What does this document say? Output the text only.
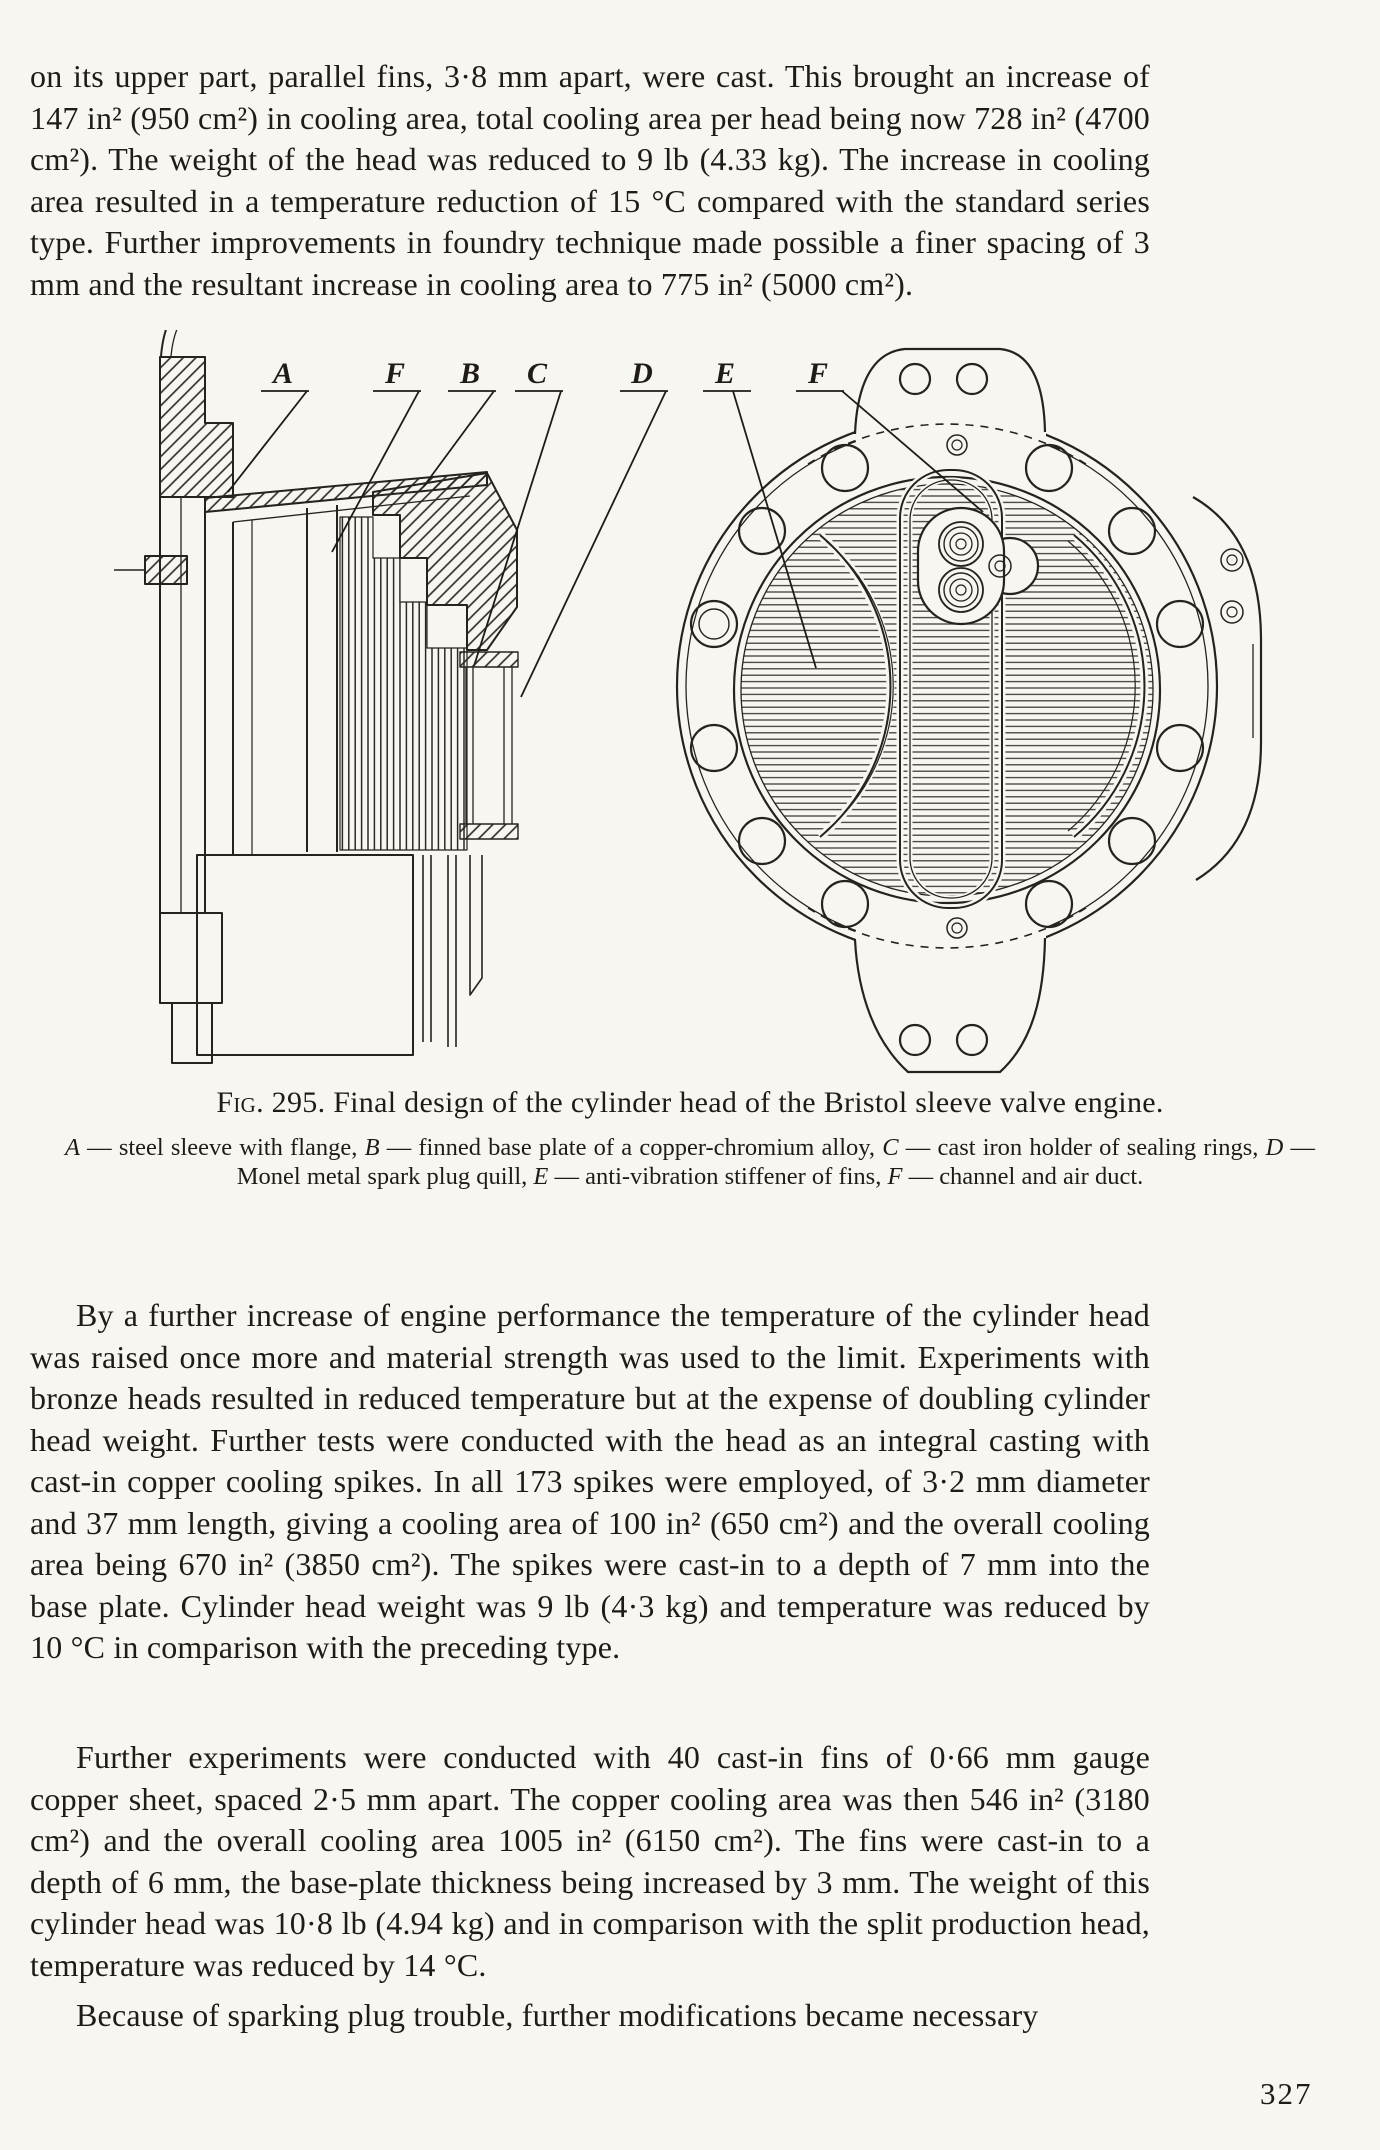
on its upper part, parallel fins, 3·8 mm apart, were cast. This brought an increase of 147 in² (950 cm²) in cooling area, total cooling area per head being now 728 in² (4700 cm²). The weight of the head was reduced to 9 lb (4.33 kg). The increase in cooling area resulted in a temperature reduction of 15 °C compared with the standard series type. Further improvements in foundry technique made possible a finer spacing of 3 mm and the resultant increase in cooling area to 775 in² (5000 cm²).

A	F B C	D E F
Fig. 295. Final design of the cylinder head of the Bristol sleeve valve engine.
A — steel sleeve with flange, B — finned base plate of a copper-chromium alloy, C — cast iron holder of sealing rings, D — Monel metal spark plug quill, E — anti-vibration stiffener of fins, F — channel and air duct.

By a further increase of engine performance the temperature of the cylinder head was raised once more and material strength was used to the limit. Experiments with bronze heads resulted in reduced temperature but at the expense of doubling cylinder head weight. Further tests were conducted with the head as an integral casting with cast-in copper cooling spikes. In all 173 spikes were employed, of 3·2 mm diameter and 37 mm length, giving a cooling area of 100 in² (650 cm²) and the overall cooling area being 670 in² (3850 cm²). The spikes were cast-in to a depth of 7 mm into the base plate. Cylinder head weight was 9 lb (4·3 kg) and temperature was reduced by 10 °C in comparison with the preceding type.

Further experiments were conducted with 40 cast-in fins of 0·66 mm gauge copper sheet, spaced 2·5 mm apart. The copper cooling area was then 546 in² (3180 cm²) and the overall cooling area 1005 in² (6150 cm²). The fins were cast-in to a depth of 6 mm, the base-plate thickness being increased by 3 mm. The weight of this cylinder head was 10·8 lb (4.94 kg) and in comparison with the split production head, temperature was reduced by 14 °C.

Because of sparking plug trouble, further modifications became necessary

327
